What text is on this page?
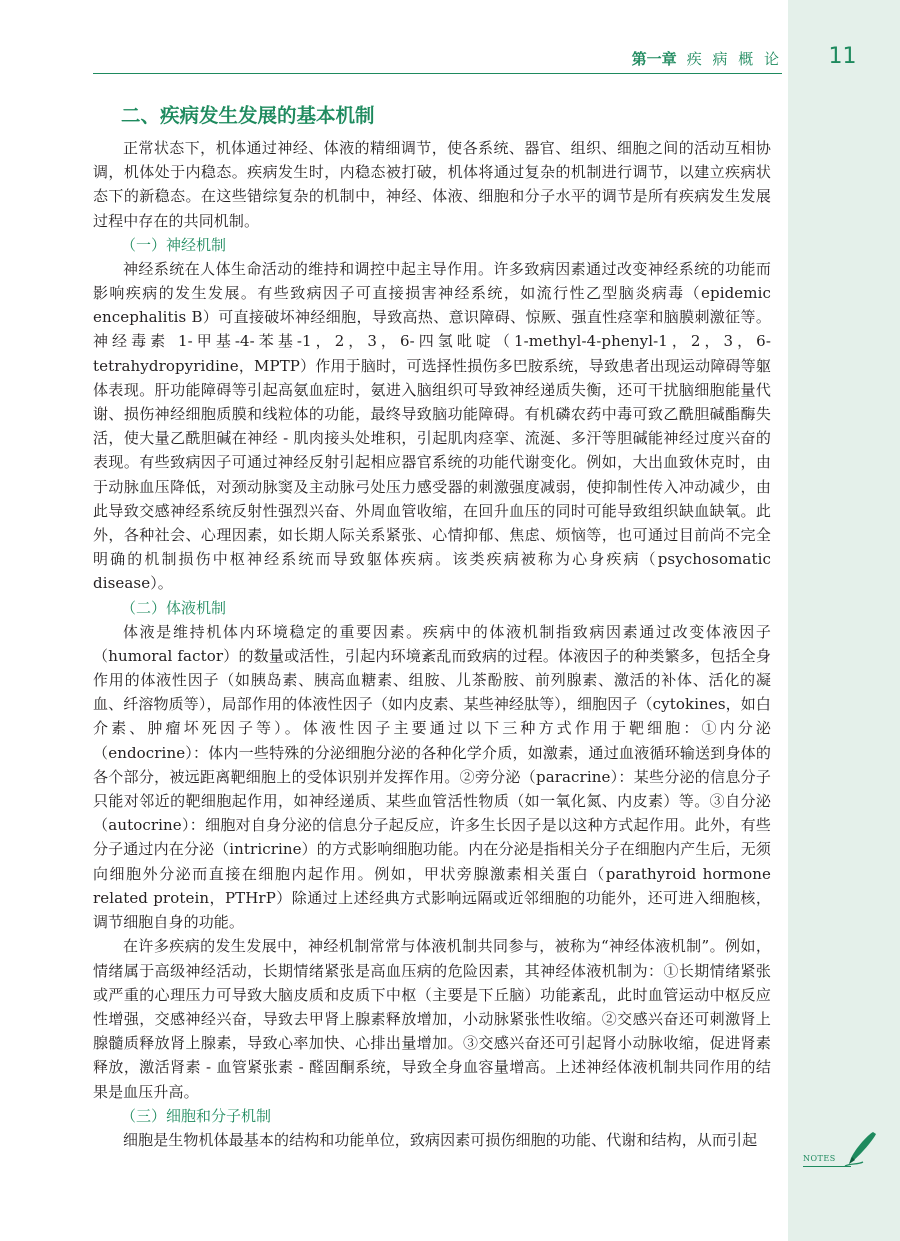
第一章 疾 病 概 论	11
二、疾病发生发展的基本机制

正常状态下，机体通过神经、体液的精细调节，使各系统、器官、组织、细胞之间的活动互相协调，机体处于内稳态。疾病发生时，内稳态被打破，机体将通过复杂的机制进行调节，以建立疾病状态下的新稳态。在这些错综复杂的机制中，神经、体液、细胞和分子水平的调节是所有疾病发生发展过程中存在的共同机制。

（一）神经机制

神经系统在人体生命活动的维持和调控中起主导作用。许多致病因素通过改变神经系统的功能而影响疾病的发生发展。有些致病因子可直接损害神经系统，如流行性乙型脑炎病毒（epidemic encephalitis B）可直接破坏神经细胞，导致高热、意识障碍、惊厥、强直性痉挛和脑膜刺激征等。神经毒素 1-甲基-4-苯基-1，2，3，6-四氢吡啶（1-methyl-4-phenyl-1，2，3，6-tetrahydropyridine，MPTP）作用于脑时，可选择性损伤多巴胺系统，导致患者出现运动障碍等躯体表现。肝功能障碍等引起高氨血症时，氨进入脑组织可导致神经递质失衡，还可干扰脑细胞能量代谢、损伤神经细胞质膜和线粒体的功能，最终导致脑功能障碍。有机磷农药中毒可致乙酰胆碱酯酶失活，使大量乙酰胆碱在神经 - 肌肉接头处堆积，引起肌肉痉挛、流涎、多汗等胆碱能神经过度兴奋的表现。有些致病因子可通过神经反射引起相应器官系统的功能代谢变化。例如，大出血致休克时，由于动脉血压降低，对颈动脉窦及主动脉弓处压力感受器的刺激强度减弱，使抑制性传入冲动减少，由此导致交感神经系统反射性强烈兴奋、外周血管收缩，在回升血压的同时可能导致组织缺血缺氧。此外，各种社会、心理因素，如长期人际关系紧张、心情抑郁、焦虑、烦恼等，也可通过目前尚不完全明确的机制损伤中枢神经系统而导致躯体疾病。该类疾病被称为心身疾病（psychosomatic disease）。

（二）体液机制

体液是维持机体内环境稳定的重要因素。疾病中的体液机制指致病因素通过改变体液因子（humoral factor）的数量或活性，引起内环境紊乱而致病的过程。体液因子的种类繁多，包括全身作用的体液性因子（如胰岛素、胰高血糖素、组胺、儿茶酚胺、前列腺素、激活的补体、活化的凝血、纤溶物质等），局部作用的体液性因子（如内皮素、某些神经肽等），细胞因子（cytokines，如白介素、肿瘤坏死因子等）。体液性因子主要通过以下三种方式作用于靶细胞：①内分泌（endocrine）：体内一些特殊的分泌细胞分泌的各种化学介质，如激素，通过血液循环输送到身体的各个部分，被远距离靶细胞上的受体识别并发挥作用。②旁分泌（paracrine）：某些分泌的信息分子只能对邻近的靶细胞起作用，如神经递质、某些血管活性物质（如一氧化氮、内皮素）等。③自分泌（autocrine）：细胞对自身分泌的信息分子起反应，许多生长因子是以这种方式起作用。此外，有些分子通过内在分泌（intricrine）的方式影响细胞功能。内在分泌是指相关分子在细胞内产生后，无须向细胞外分泌而直接在细胞内起作用。例如，甲状旁腺激素相关蛋白（parathyroid hormone related protein，PTHrP）除通过上述经典方式影响远隔或近邻细胞的功能外，还可进入细胞核，调节细胞自身的功能。

在许多疾病的发生发展中，神经机制常常与体液机制共同参与，被称为“神经体液机制”。例如，情绪属于高级神经活动，长期情绪紧张是高血压病的危险因素，其神经体液机制为：①长期情绪紧张或严重的心理压力可导致大脑皮质和皮质下中枢（主要是下丘脑）功能紊乱，此时血管运动中枢反应性增强，交感神经兴奋，导致去甲肾上腺素释放增加，小动脉紧张性收缩。②交感兴奋还可刺激肾上腺髓质释放肾上腺素，导致心率加快、心排出量增加。③交感兴奋还可引起肾小动脉收缩，促进肾素释放，激活肾素 - 血管紧张素 - 醛固酮系统，导致全身血容量增高。上述神经体液机制共同作用的结果是血压升高。

（三）细胞和分子机制

细胞是生物机体最基本的结构和功能单位，致病因素可损伤细胞的功能、代谢和结构，从而引起

NOTES
